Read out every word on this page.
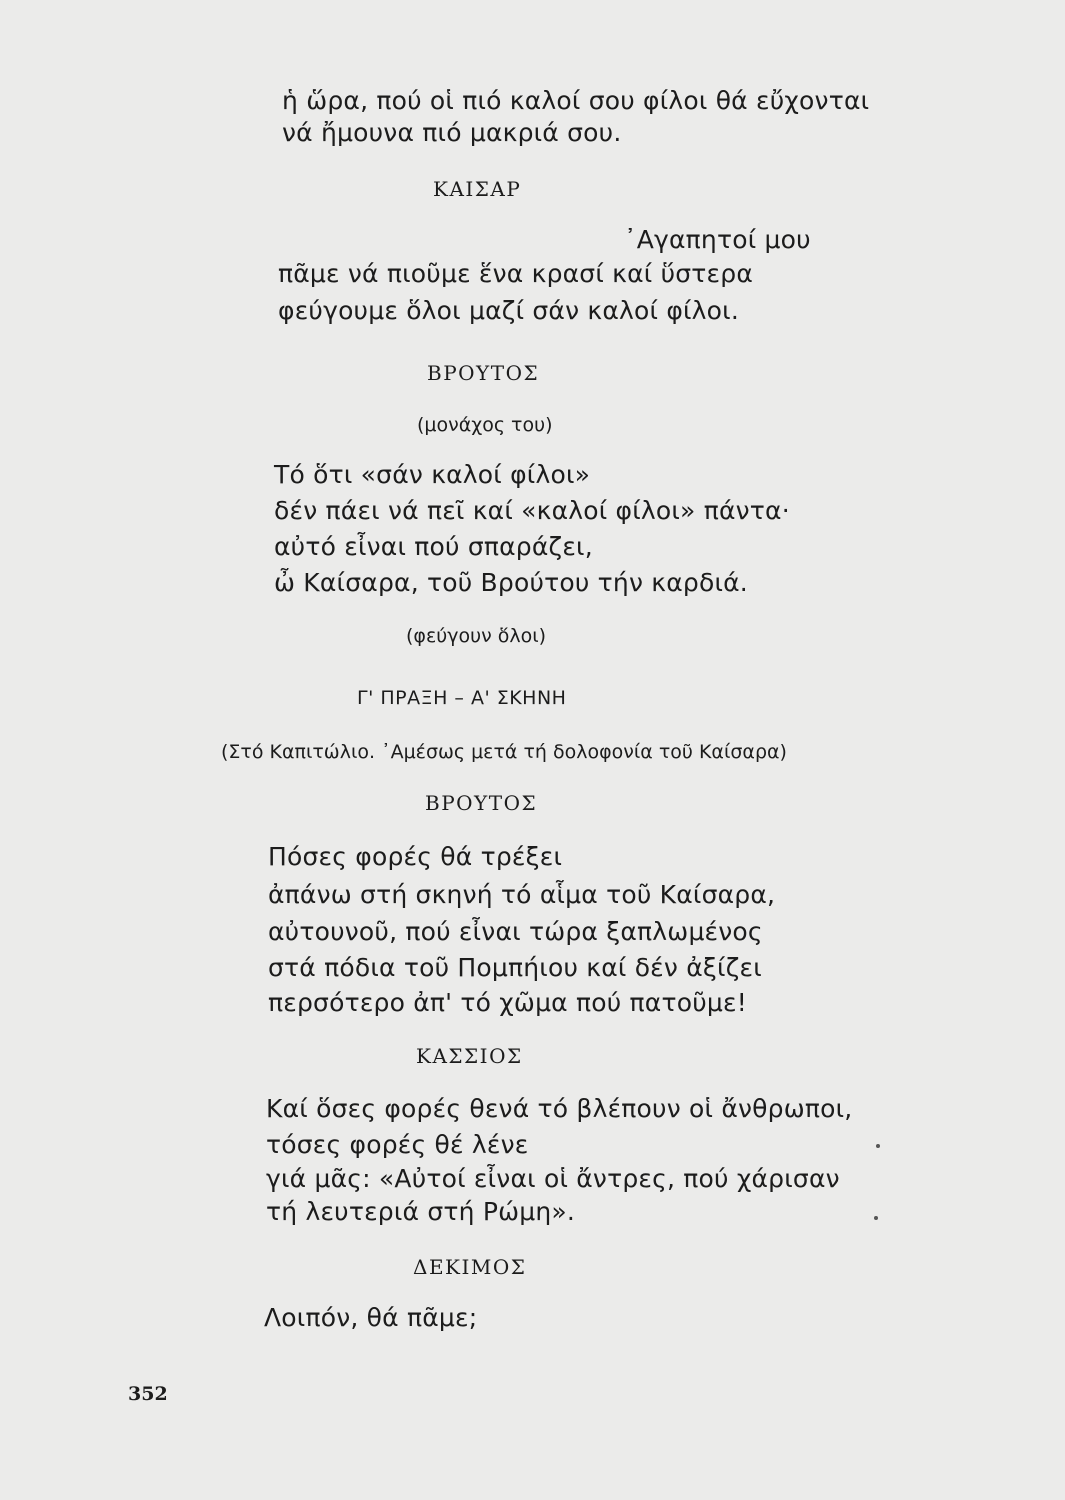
ἡ ὥρα, πού οἱ πιό καλοί σου φίλοι θά εὔχονται
νά ἤμουνα πιό μακριά σου.
ΚΑΙΣΑΡ
᾿Αγαπητοί μου
πᾶμε νά πιοῦμε ἕνα κρασί καί ὕστερα
φεύγουμε ὅλοι μαζί σάν καλοί φίλοι.
ΒΡΟΥΤΟΣ
(μονάχος του)
Τό ὅτι «σάν καλοί φίλοι»
δέν πάει νά πεῖ καί «καλοί φίλοι» πάντα·
αὐτό εἶναι πού σπαράζει,
ὦ Καίσαρα, τοῦ Βρούτου τήν καρδιά.
(φεύγουν ὅλοι)
Γ' ΠΡΑΞΗ – Α' ΣΚΗΝΗ
(Στό Καπιτώλιο. ᾿Αμέσως μετά τή δολοφονία τοῦ Καίσαρα)
ΒΡΟΥΤΟΣ
Πόσες φορές θά τρέξει
ἀπάνω στή σκηνή τό αἷμα τοῦ Καίσαρα,
αὐτουνοῦ, πού εἶναι τώρα ξαπλωμένος
στά πόδια τοῦ Πομπήιου καί δέν ἀξίζει
περσότερο ἀπ' τό χῶμα πού πατοῦμε!
ΚΑΣΣΙΟΣ
Καί ὅσες φορές θενά τό βλέπουν οἱ ἄνθρωποι,
τόσες φορές θέ λένε
γιά μᾶς: «Αὐτοί εἶναι οἱ ἄντρες, πού χάρισαν
τή λευτεριά στή Ρώμη».
ΔΕΚΙΜΟΣ
Λοιπόν, θά πᾶμε;
352
